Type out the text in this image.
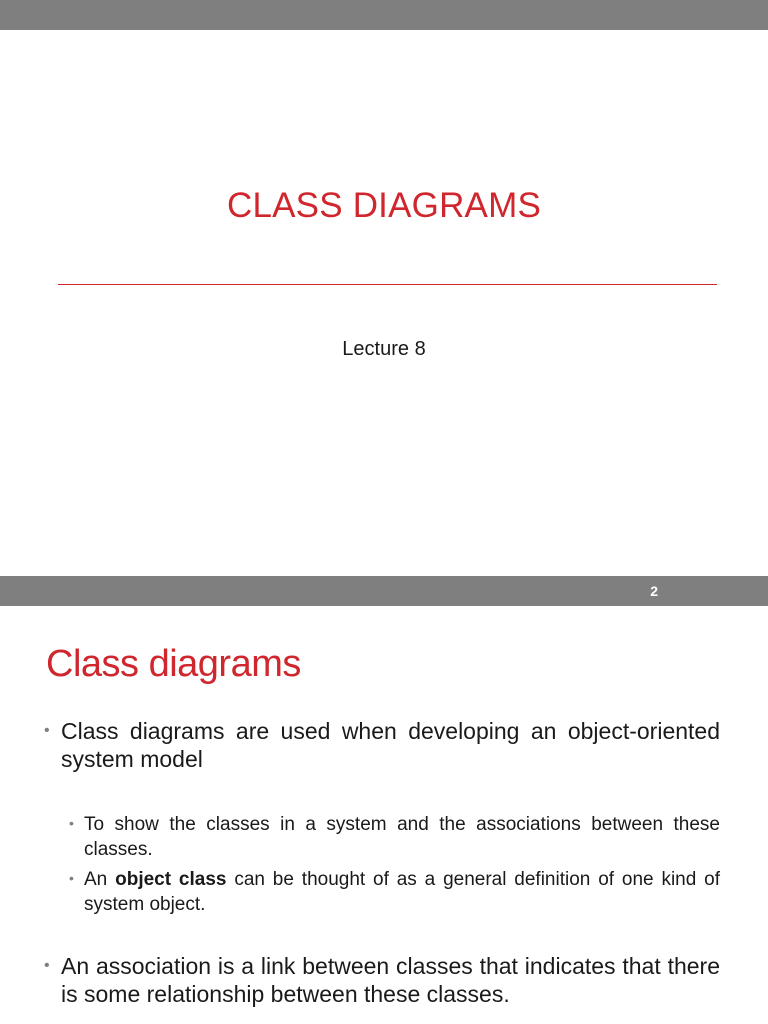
CLASS DIAGRAMS
Lecture 8
2
Class diagrams
• Class diagrams are used when developing an object-oriented system model
• To show the classes in a system and the associations between these classes.
• An object class can be thought of as a general definition of one kind of system object.
• An association is a link between classes that indicates that there is some relationship between these classes.
